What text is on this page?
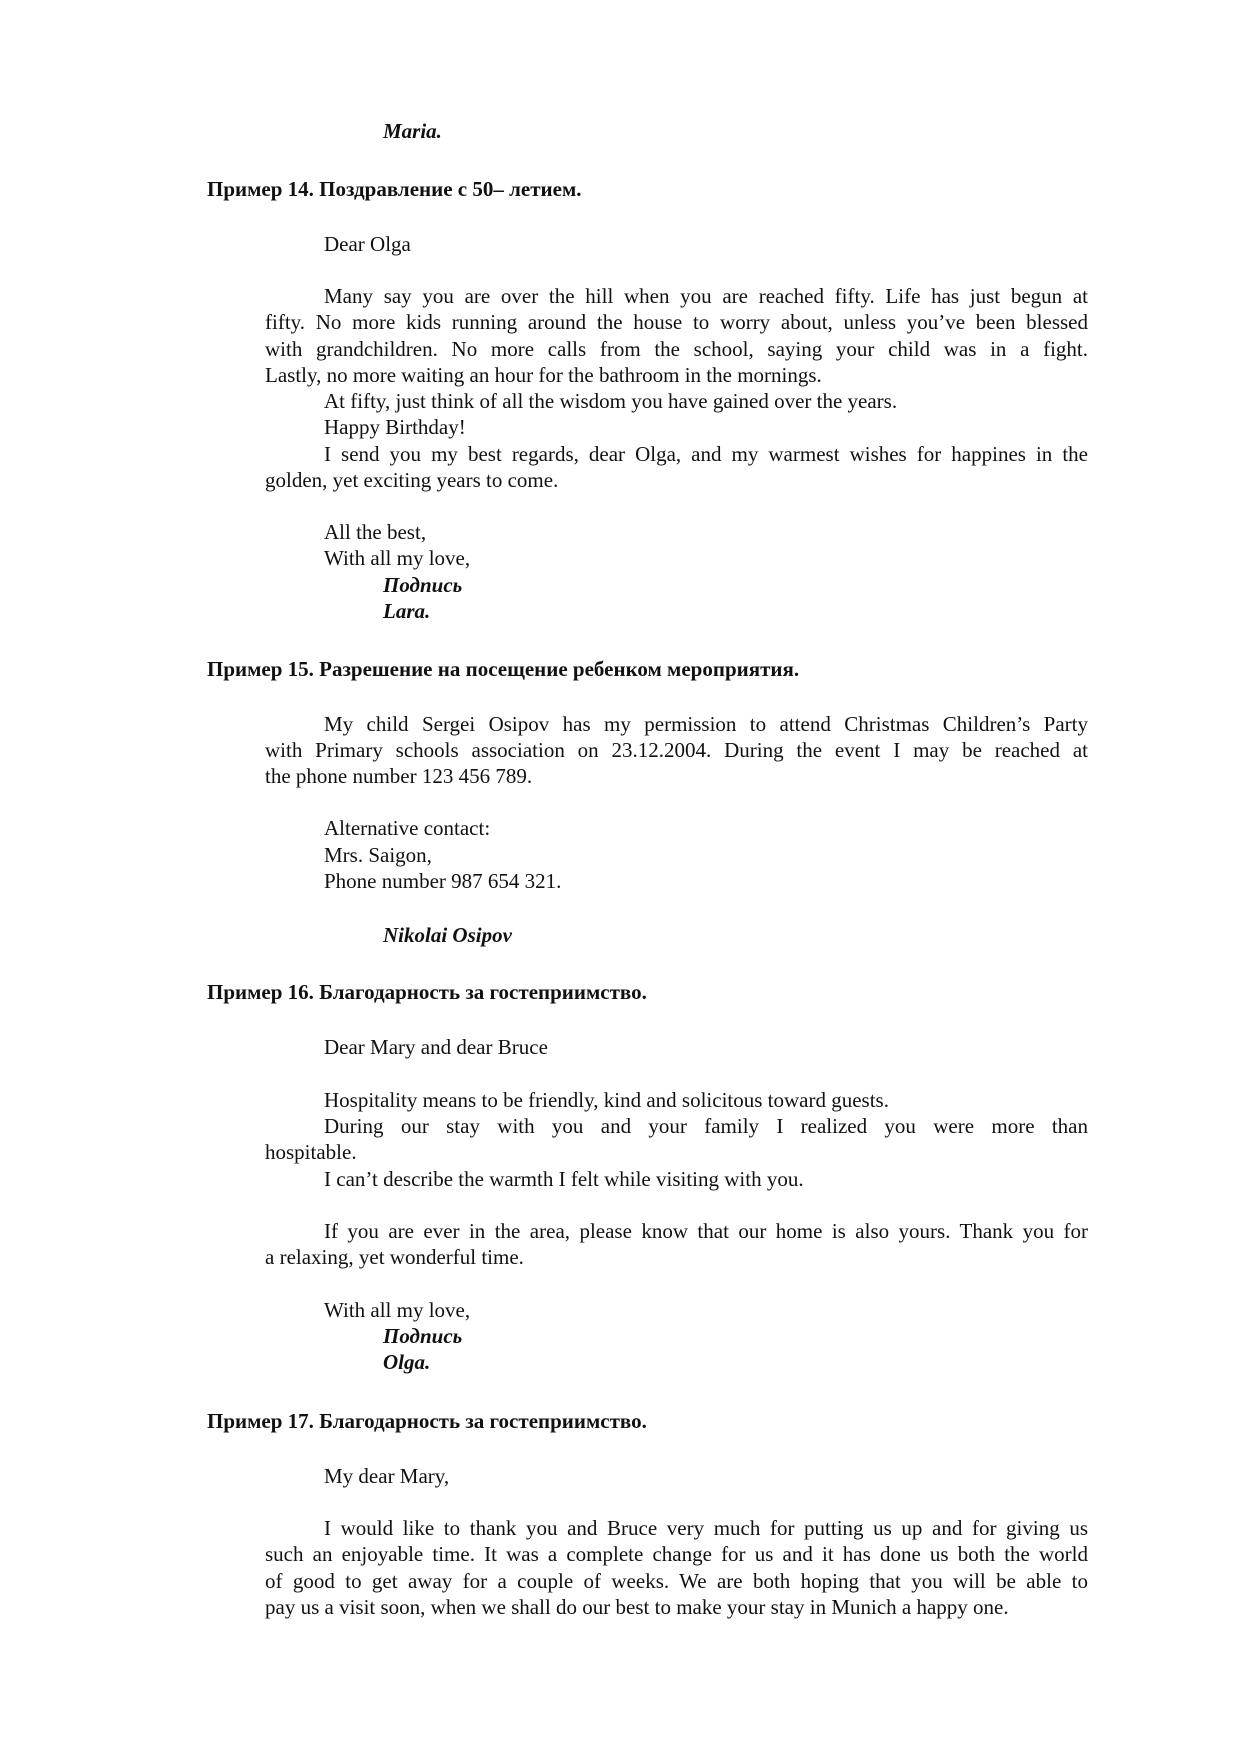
Maria.
Пример 14. Поздравление с 50– летием.
Dear Olga
Many say you are over the hill when you are reached fifty. Life has just begun at
fifty. No more kids running around the house to worry about, unless you’ve been blessed
with grandchildren. No more calls from the school, saying your child was in a fight.
Lastly, no more waiting an hour for the bathroom in the mornings.
At fifty, just think of all the wisdom you have gained over the years.
Happy Birthday!
I send you my best regards, dear Olga, and my warmest wishes for happines in the
golden, yet exciting years to come.
All the best,
With all my love,
Подпись
Lara.
Пример 15. Разрешение на посещение ребенком мероприятия.
My child Sergei Osipov has my permission to attend Christmas Children’s Party
with Primary schools association on 23.12.2004. During the event I may be reached at
the phone number 123 456 789.
Alternative contact:
Mrs. Saigon,
Phone number 987 654 321.
Nikolai Osipov
Пример 16. Благодарность за гостеприимство.
Dear Mary and dear Bruce
Hospitality means to be friendly, kind and solicitous toward guests.
During our stay with you and your family I realized you were more than
hospitable.
I can’t describe the warmth I felt while visiting with you.
If you are ever in the area, please know that our home is also yours. Thank you for
a relaxing, yet wonderful time.
With all my love,
Подпись
Olga.
Пример 17. Благодарность за гостеприимство.
My dear Mary,
I would like to thank you and Bruce very much for putting us up and for giving us
such an enjoyable time. It was a complete change for us and it has done us both the world
of good to get away for a couple of weeks. We are both hoping that you will be able to
pay us a visit soon, when we shall do our best to make your stay in Munich a happy one.
